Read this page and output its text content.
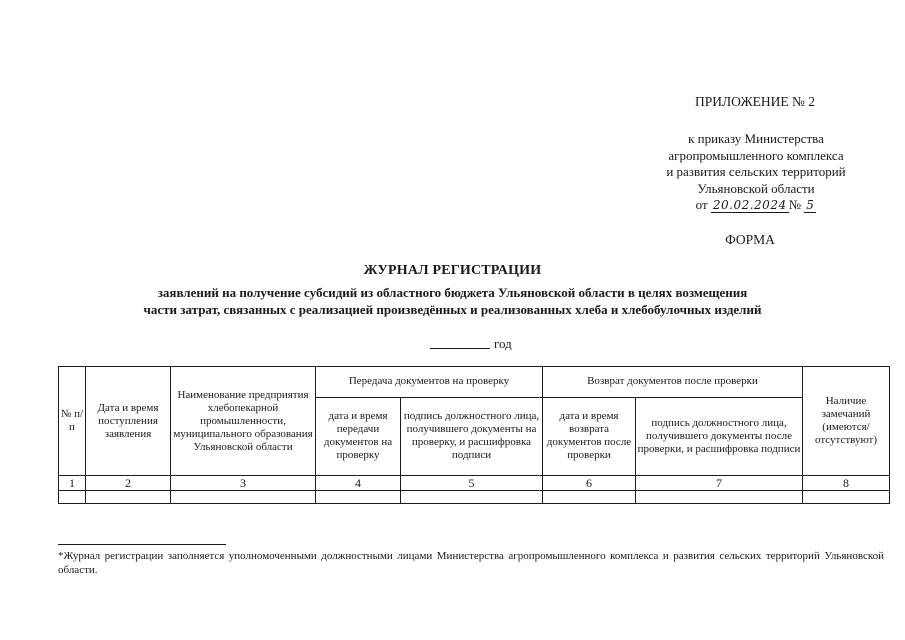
ПРИЛОЖЕНИЕ № 2
к приказу Министерства
агропромышленного комплекса
и развития сельских территорий
Ульяновской области
от 20.02.2024 № 5
ФОРМА
ЖУРНАЛ РЕГИСТРАЦИИ
заявлений на получение субсидий из областного бюджета Ульяновской области в целях возмещения
части затрат, связанных с реализацией произведённых и реализованных хлеба и хлебобулочных изделий
год
№ п/п	Дата и время поступления заявления	Наименование предприятия хлебопекарной промышленности, муниципального образования Ульяновской области	Передача документов на проверку		Возврат документов после проверки		Наличие замечаний (имеются/ отсутствуют)
			дата и время передачи документов на проверку	подпись должностного лица, получившего документы на проверку, и расшифровка подписи	дата и время возврата документов после проверки	подпись должностного лица, получившего документы после проверки, и расшифровка подписи	
1	2	3	4	5	6	7	8

*Журнал регистрации заполняется уполномоченными должностными лицами Министерства агропромышленного комплекса и развития сельских территорий Ульяновской области.
